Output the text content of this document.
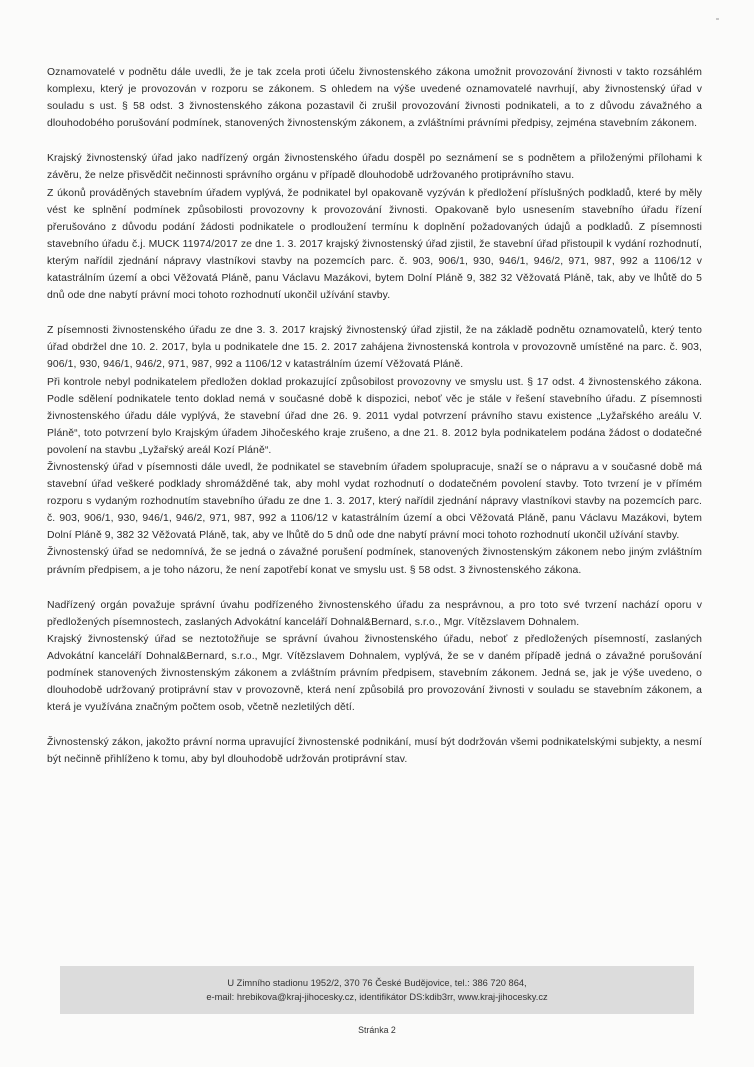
Oznamovatelé v podnětu dále uvedli, že je tak zcela proti účelu živnostenského zákona umožnit provozování živnosti v takto rozsáhlém komplexu, který je provozován v rozporu se zákonem. S ohledem na výše uvedené oznamovatelé navrhují, aby živnostenský úřad v souladu s ust. § 58 odst. 3 živnostenského zákona pozastavil či zrušil provozování živnosti podnikateli, a to z důvodu závažného a dlouhodobého porušování podmínek, stanovených živnostenským zákonem, a zvláštními právními předpisy, zejména stavebním zákonem.

Krajský živnostenský úřad jako nadřízený orgán živnostenského úřadu dospěl po seznámení se s podnětem a přiloženými přílohami k závěru, že nelze přisvědčit nečinnosti správního orgánu v případě dlouhodobě udržovaného protiprávního stavu.

Z úkonů prováděných stavebním úřadem vyplývá, že podnikatel byl opakovaně vyzýván k předložení příslušných podkladů, které by měly vést ke splnění podmínek způsobilosti provozovny k provozování živnosti. Opakovaně bylo usnesením stavebního úřadu řízení přerušováno z důvodu podání žádosti podnikatele o prodloužení termínu k doplnění požadovaných údajů a podkladů. Z písemnosti stavebního úřadu č.j. MUCK 11974/2017 ze dne 1. 3. 2017 krajský živnostenský úřad zjistil, že stavební úřad přistoupil k vydání rozhodnutí, kterým nařídil zjednání nápravy vlastníkovi stavby na pozemcích parc. č. 903, 906/1, 930, 946/1, 946/2, 971, 987, 992 a 1106/12 v katastrálním území a obci Věžovatá Pláně, panu Václavu Mazákovi, bytem Dolní Pláně 9, 382 32 Věžovatá Pláně, tak, aby ve lhůtě do 5 dnů ode dne nabytí právní moci tohoto rozhodnutí ukončil užívání stavby.

Z písemnosti živnostenského úřadu ze dne 3. 3. 2017 krajský živnostenský úřad zjistil, že na základě podnětu oznamovatelů, který tento úřad obdržel dne 10. 2. 2017, byla u podnikatele dne 15. 2. 2017 zahájena živnostenská kontrola v provozovně umístěné na parc. č. 903, 906/1, 930, 946/1, 946/2, 971, 987, 992 a 1106/12 v katastrálním území Věžovatá Pláně.

Při kontrole nebyl podnikatelem předložen doklad prokazující způsobilost provozovny ve smyslu ust. § 17 odst. 4 živnostenského zákona. Podle sdělení podnikatele tento doklad nemá v současné době k dispozici, neboť věc je stále v řešení stavebního úřadu. Z písemnosti živnostenského úřadu dále vyplývá, že stavební úřad dne 26. 9. 2011 vydal potvrzení právního stavu existence „Lyžařského areálu V. Pláně“, toto potvrzení bylo Krajským úřadem Jihočeského kraje zrušeno, a dne 21. 8. 2012 byla podnikatelem podána žádost o dodatečné povolení na stavbu „Lyžařský areál Kozí Pláně“.

Živnostenský úřad v písemnosti dále uvedl, že podnikatel se stavebním úřadem spolupracuje, snaží se o nápravu a v současné době má stavební úřad veškeré podklady shromážděné tak, aby mohl vydat rozhodnutí o dodatečném povolení stavby. Toto tvrzení je v přímém rozporu s vydaným rozhodnutím stavebního úřadu ze dne 1. 3. 2017, který nařídil zjednání nápravy vlastníkovi stavby na pozemcích parc. č. 903, 906/1, 930, 946/1, 946/2, 971, 987, 992 a 1106/12 v katastrálním území a obci Věžovatá Pláně, panu Václavu Mazákovi, bytem Dolní Pláně 9, 382 32 Věžovatá Pláně, tak, aby ve lhůtě do 5 dnů ode dne nabytí právní moci tohoto rozhodnutí ukončil užívání stavby.

Živnostenský úřad se nedomnívá, že se jedná o závažné porušení podmínek, stanovených živnostenským zákonem nebo jiným zvláštním právním předpisem, a je toho názoru, že není zapotřebí konat ve smyslu ust. § 58 odst. 3 živnostenského zákona.

Nadřízený orgán považuje správní úvahu podřízeného živnostenského úřadu za nesprávnou, a pro toto své tvrzení nachází oporu v předložených písemnostech, zaslaných Advokátní kanceláří Dohnal&Bernard, s.r.o., Mgr. Vítězslavem Dohnalem.

Krajský živnostenský úřad se neztotožňuje se správní úvahou živnostenského úřadu, neboť z předložených písemností, zaslaných Advokátní kanceláří Dohnal&Bernard, s.r.o., Mgr. Vítězslavem Dohnalem, vyplývá, že se v daném případě jedná o závažné porušování podmínek stanovených živnostenským zákonem a zvláštním právním předpisem, stavebním zákonem. Jedná se, jak je výše uvedeno, o dlouhodobě udržovaný protiprávní stav v provozovně, která není způsobilá pro provozování živnosti v souladu se stavebním zákonem, a která je využívána značným počtem osob, včetně nezletilých dětí.

Živnostenský zákon, jakožto právní norma upravující živnostenské podnikání, musí být dodržován všemi podnikatelskými subjekty, a nesmí být nečinně přihlíženo k tomu, aby byl dlouhodobě udržován protiprávní stav.

U Zimního stadionu 1952/2, 370 76 České Budějovice, tel.: 386 720 864,
e-mail: hrebikova@kraj-jihocesky.cz, identifikátor DS:kdib3rr, www.kraj-jihocesky.cz
Stránka 2
